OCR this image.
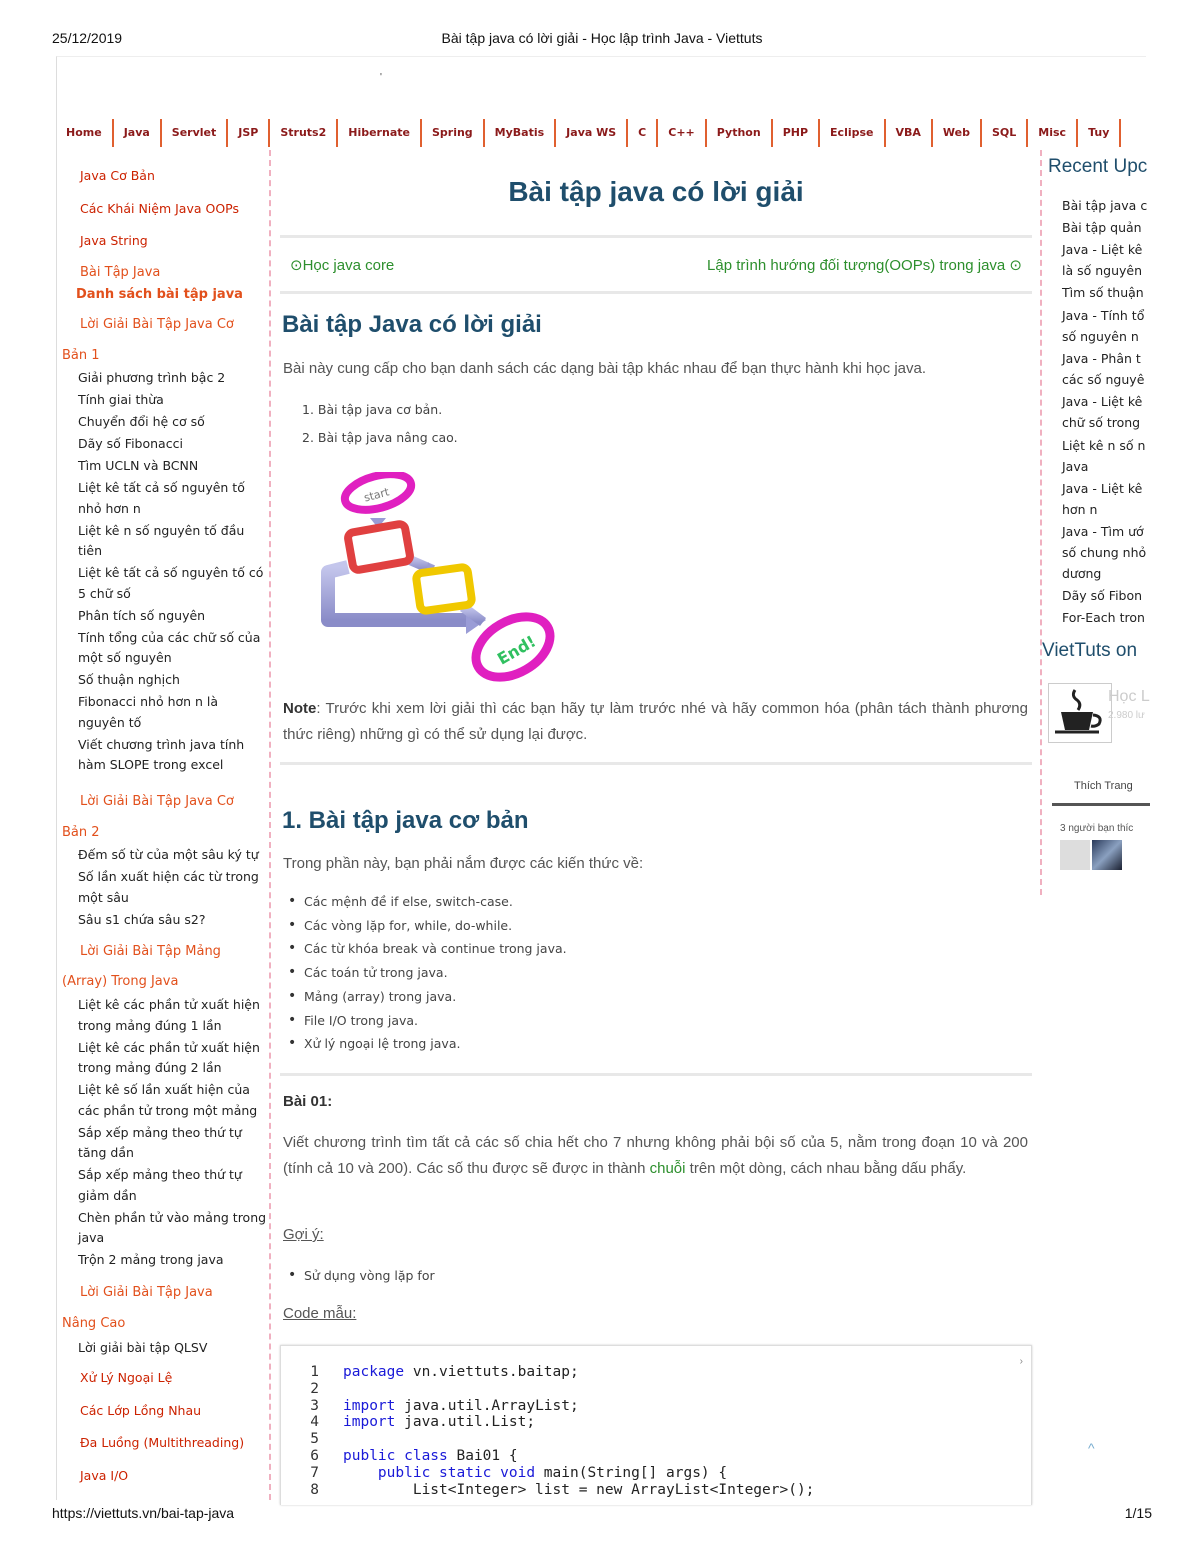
25/12/2019	Bài tập java có lời giải - Học lập trình Java - Viettuts
'
Home	Java	Servlet	JSP	Struts2	Hibernate	Spring	MyBatis	Java WS	C	C++	Python	PHP	Eclipse	VBA	Web	SQL	Misc	Tuy
Java Cơ Bản
Các Khái Niệm Java OOPs
Java String
Bài Tập Java
Danh sách bài tập java
Lời Giải Bài Tập Java Cơ
Bản 1
Giải phương trình bậc 2
Tính giai thừa
Chuyển đổi hệ cơ số
Dãy số Fibonacci
Tìm UCLN và BCNN
Liệt kê tất cả số nguyên tố nhỏ hơn n
Liệt kê n số nguyên tố đầu tiên
Liệt kê tất cả số nguyên tố có 5 chữ số
Phân tích số nguyên
Tính tổng của các chữ số của một số nguyên
Số thuận nghịch
Fibonacci nhỏ hơn n là nguyên tố
Viết chương trình java tính hàm SLOPE trong excel
Lời Giải Bài Tập Java Cơ
Bản 2
Đếm số từ của một sâu ký tự
Số lần xuất hiện các từ trong một sâu
Sâu s1 chứa sâu s2?
Lời Giải Bài Tập Mảng
(Array) Trong Java
Liệt kê các phần tử xuất hiện trong mảng đúng 1 lần
Liệt kê các phần tử xuất hiện trong mảng đúng 2 lần
Liệt kê số lần xuất hiện của các phần tử trong một mảng
Sắp xếp mảng theo thứ tự tăng dần
Sắp xếp mảng theo thứ tự giảm dần
Chèn phần tử vào mảng trong java
Trộn 2 mảng trong java
Lời Giải Bài Tập Java
Nâng Cao
Lời giải bài tập QLSV
Xử Lý Ngoại Lệ
Các Lớp Lồng Nhau
Đa Luồng (Multithreading)
Java I/O
Bài tập java có lời giải
⊙Học java core	Lập trình hướng đối tượng(OOPs) trong java ⊙
Bài tập Java có lời giải
Bài này cung cấp cho bạn danh sách các dạng bài tập khác nhau để bạn thực hành khi học java.
1. Bài tập java cơ bản.
2. Bài tập java nâng cao.
start
End!
Note: Trước khi xem lời giải thì các bạn hãy tự làm trước nhé và hãy common hóa (phân tách thành phương thức riêng) những gì có thể sử dụng lại được.
1. Bài tập java cơ bản
Trong phần này, bạn phải nắm được các kiến thức về:
• Các mệnh đề if else, switch-case.
• Các vòng lặp for, while, do-while.
• Các từ khóa break và continue trong java.
• Các toán tử trong java.
• Mảng (array) trong java.
• File I/O trong java.
• Xử lý ngoại lệ trong java.
Bài 01:
Viết chương trình tìm tất cả các số chia hết cho 7 nhưng không phải bội số của 5, nằm trong đoạn 10 và 200 (tính cả 10 và 200). Các số thu được sẽ được in thành chuỗi trên một dòng, cách nhau bằng dấu phẩy.
Gợi ý:
• Sử dụng vòng lặp for
Code mẫu:
›
1 package vn.viettuts.baitap;
2
3 import java.util.ArrayList;
4 import java.util.List;
5
6 public class Bai01 {
7 public static void main(String[] args) {
8 List<Integer> list = new ArrayList<Integer>();
Recent Upc
Bài tập java c
Bài tập quản
Java - Liệt kê
là số nguyên
Tìm số thuận
Java - Tính tổ
số nguyên n
Java - Phân t
các số nguyê
Java - Liệt kê
chữ số trong
Liệt kê n số n
Java
Java - Liệt kê
hơn n
Java - Tìm ướ
số chung nhỏ
dương
Dãy số Fibon
For-Each tron
VietTuts on
Học L
2.980 lư
Thích Trang
3 người bạn thíc
^
https://viettuts.vn/bai-tap-java	1/15
